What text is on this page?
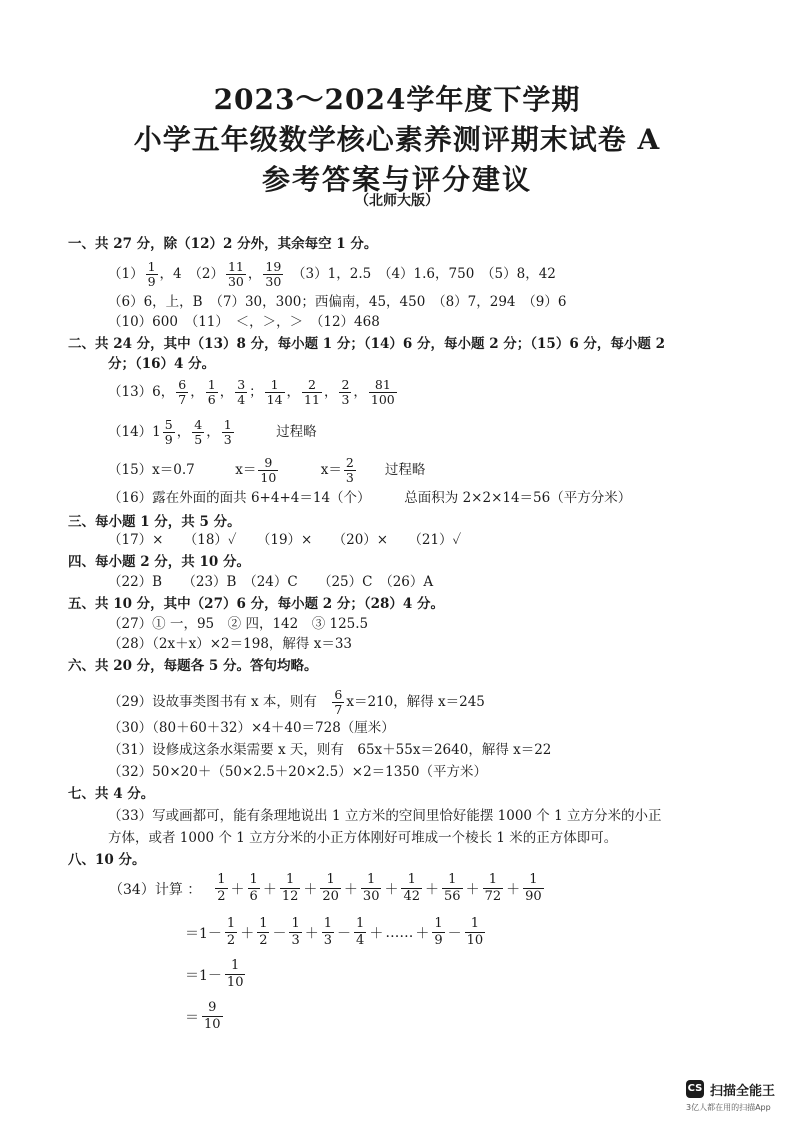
2023～2024学年度下学期
小学五年级数学核心素养测评期末试卷 A
参考答案与评分建议
（北师大版）
一、共 27 分，除（12）2 分外，其余每空 1 分。
$(1) \frac{1}{9}$ ，4　 $(2) \frac{11}{30}$ ， $\frac{19}{30}$
　 （3）1，2.5　 （4）1.6，750　 （5）8，42
（6）6，上，B　（7）30，300；西偏南，45，450　（8）7，294　（9）6
（10）600　（11）　＜，＞，＞　（12）468
二、共 24 分，其中（13）8 分，每小题 1 分；（14）6 分，每小题 2 分；（15）6 分，每小题 2
分；（16）4 分。
（13）6， $\frac{6}{7}$ ， $\frac{1}{6}$ ， $\frac{3}{4}$ ； $\frac{1}{14}$ ， $\frac{2}{11}$ ， $\frac{2}{3}$ ， $\frac{81}{100}$
$(14)1 \frac{5}{9}$ ， $\frac{4}{5}$ ， $\frac{1}{3}$
　　　	过程略
（15）x＝0.7　　　	$x= \frac{9}{10}$
　　　	$x= \frac{2}{3}$
　　 过程略
（16）露在外面的面共 6+4+4＝14（个）　　　总面积为 2×2×14＝56（平方分米）
三、每小题 1 分，共 5 分。
（17）×　　（18）✓　　（19）×　　（20）×　　（21）✓
四、每小题 2 分，共 10 分。
（22）B　　（23）B　（24）C　　（25）C　（26）A
五、共 10 分，其中（27）6 分，每小题 2 分；（28）4 分。
（27）① 一，95　② 四，142　③ 125.5
（28）（2x＋x）×2＝198，解得 x＝33
六、共 20 分，每题各 5 分。答句均略。
（29）设故事类图书有 x 本，则有　 $\frac{6}{7} x=210$，解得 x＝245
（30）（80＋60＋32）×4＋40＝728（厘米）
（31）设修成这条水渠需要 x 天，则有　65x＋55x＝2640，解得 x＝22
（32）50×20＋（50×2.5＋20×2.5）×2＝1350（平方米）
七、共 4 分。
（33）写或画都可，能有条理地说出 1 立方米的空间里恰好能摆 1000 个 1 立方分米的小正
方体，或者 1000 个 1 立方分米的小正方体刚好可堆成一个棱长 1 米的正方体即可。
八、10 分。
（34）计算 ： $\frac{1}{2} + \frac{1}{6} + \frac{1}{12} + \frac{1}{20} + \frac{1}{30} + \frac{1}{42} + \frac{1}{56} + \frac{1}{72} + \frac{1}{90}$
$=1- \frac{1}{2} + \frac{1}{2} - \frac{1}{3} + \frac{1}{3} - \frac{1}{4}$ ＋ …… ＋ $\frac{1}{9} - \frac{1}{10}$
$=1- \frac{1}{10}$
＝ $\frac{9}{10}$
CS 扫描全能王
3亿人都在用的扫描App
